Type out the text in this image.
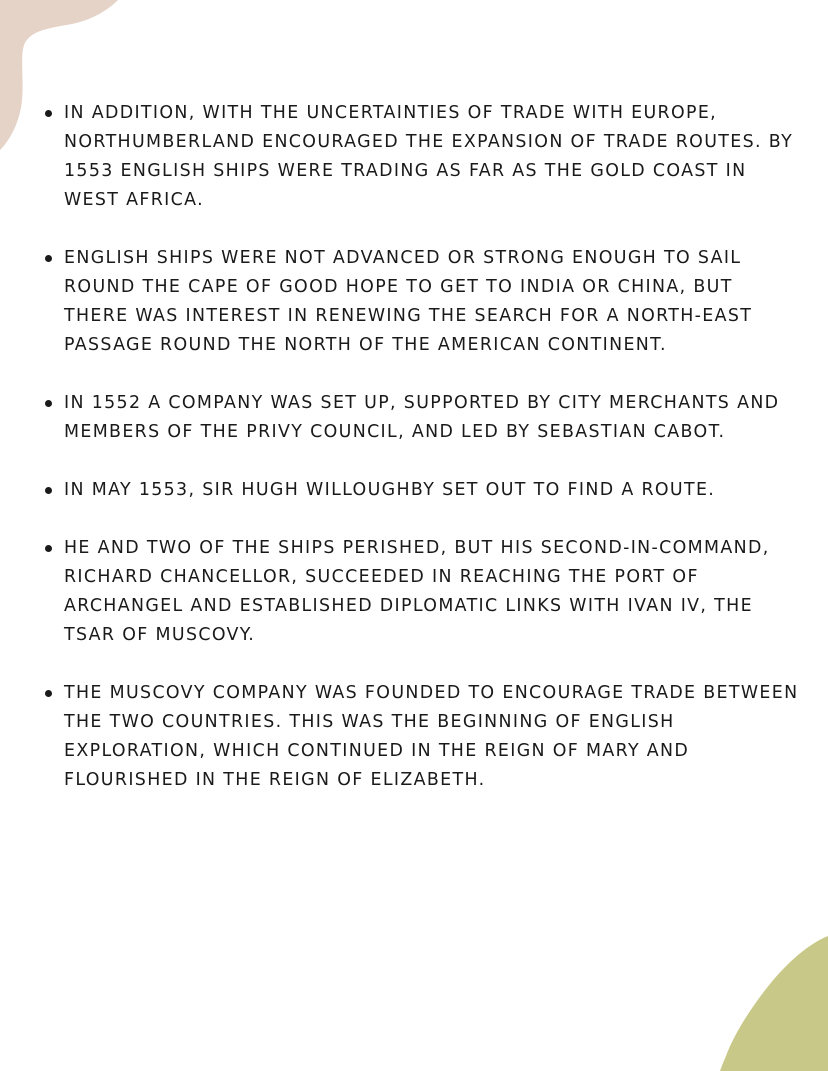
IN ADDITION, WITH THE UNCERTAINTIES OF TRADE WITH EUROPE, NORTHUMBERLAND ENCOURAGED THE EXPANSION OF TRADE ROUTES. BY 1553 ENGLISH SHIPS WERE TRADING AS FAR AS THE GOLD COAST IN WEST AFRICA.
ENGLISH SHIPS WERE NOT ADVANCED OR STRONG ENOUGH TO SAIL ROUND THE CAPE OF GOOD HOPE TO GET TO INDIA OR CHINA, BUT THERE WAS INTEREST IN RENEWING THE SEARCH FOR A NORTH-EAST PASSAGE ROUND THE NORTH OF THE AMERICAN CONTINENT.
IN 1552 A COMPANY WAS SET UP, SUPPORTED BY CITY MERCHANTS AND MEMBERS OF THE PRIVY COUNCIL, AND LED BY SEBASTIAN CABOT.
IN MAY 1553, SIR HUGH WILLOUGHBY SET OUT TO FIND A ROUTE.
HE AND TWO OF THE SHIPS PERISHED, BUT HIS SECOND-IN-COMMAND, RICHARD CHANCELLOR, SUCCEEDED IN REACHING THE PORT OF ARCHANGEL AND ESTABLISHED DIPLOMATIC LINKS WITH IVAN IV, THE TSAR OF MUSCOVY.
THE MUSCOVY COMPANY WAS FOUNDED TO ENCOURAGE TRADE BETWEEN THE TWO COUNTRIES. THIS WAS THE BEGINNING OF ENGLISH EXPLORATION, WHICH CONTINUED IN THE REIGN OF MARY AND FLOURISHED IN THE REIGN OF ELIZABETH.
